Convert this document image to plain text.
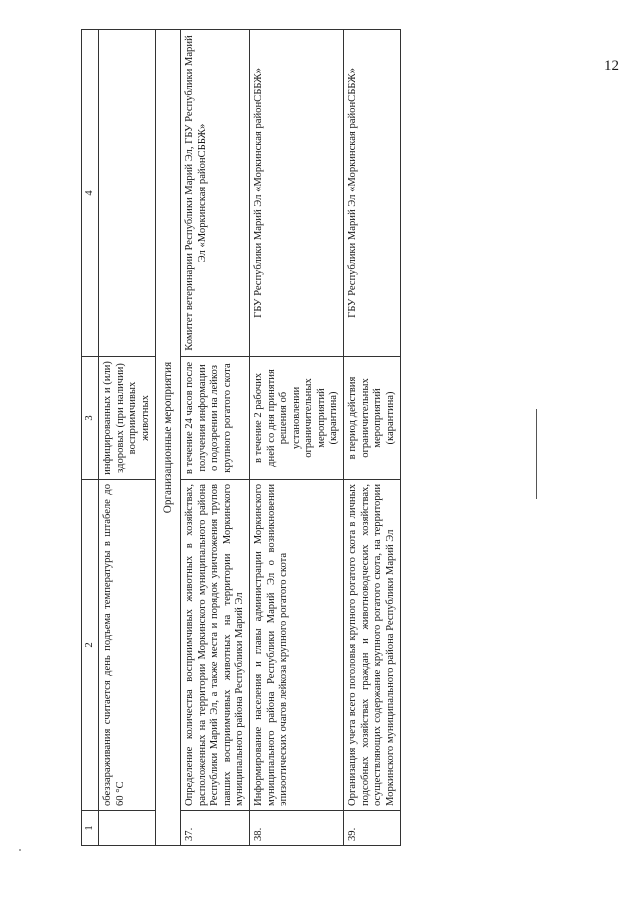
12
1	2	3	4
	обеззараживания считается день подъема температуры в штабеле до 60 °С	инфицированных и (или) здоровых (при наличии) восприимчивых животных	
Организационные мероприятия			
37.	Определение количества восприимчивых животных в хозяйствах, расположенных на территории Моркинского муниципального района Республики Марий Эл, а также места и порядок уничтожения трупов павших восприимчивых животных на территории Моркинского муниципального района Республики Марий Эл	в течение 24 часов после получения информации о подозрении на лейкоз крупного рогатого скота	Комитет ветеринарии Республики Марий Эл, ГБУ Республики Марий Эл «Моркинская районСББЖ»
38.	Информирование населения и главы администрации Моркинского муниципального района Республики Марий Эл о возникновении эпизоотических очагов лейкоза крупного рогатого скота	в течение 2 рабочих дней со дня принятия решения об установлении ограничительных мероприятий (карантина)	ГБУ Республики Марий Эл «Моркинская районСББЖ»
39.	Организация учета всего поголовья крупного рогатого скота в личных подсобных хозяйствах граждан и животноводческих хозяйствах, осуществляющих содержание крупного рогатого скота, на территории Моркинского муниципального района Республики Марий Эл	в период действия ограничительных мероприятий (карантина)	ГБУ Республики Марий Эл «Моркинская районСББЖ»
